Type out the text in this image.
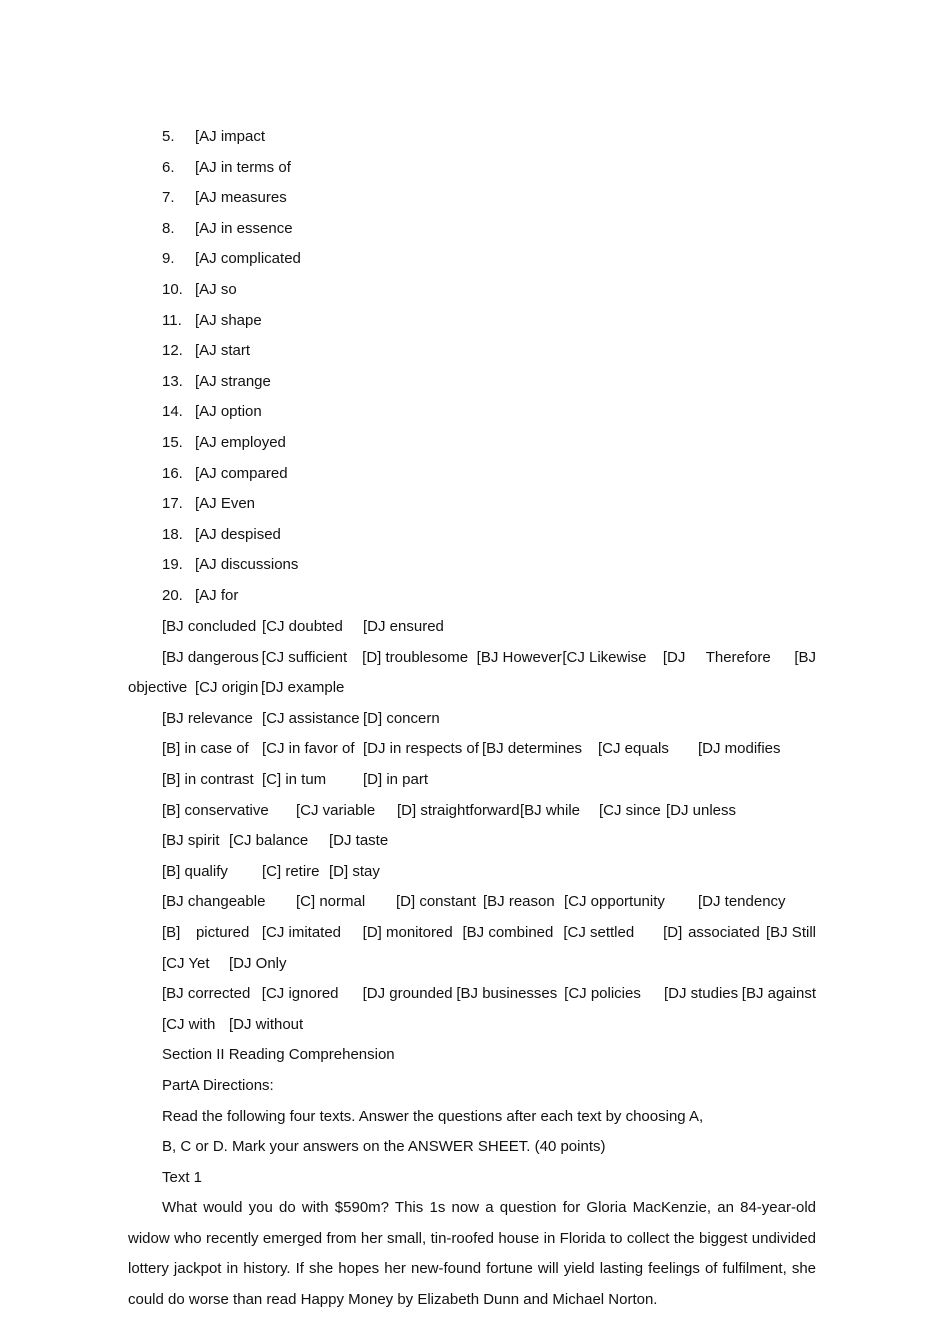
5. [AJ impact
6. [AJ in terms of
7. [AJ measures
8. [AJ in essence
9. [AJ complicated
10. [AJ so
11. [AJ shape
12. [AJ start
13. [AJ strange
14. [AJ option
15. [AJ employed
16. [AJ compared
17. [AJ Even
18. [AJ despised
19. [AJ discussions
20. [AJ for
[BJ concluded [CJ doubted	[DJ ensured
[BJ dangerous [CJ sufficient [D] troublesome [BJ However [CJ Likewise	[DJ	Therefore	[BJ
objective [CJ origin [DJ example
[BJ relevance [CJ assistance [D] concern
[B] in case of [CJ in favor of [DJ in respects of [BJ determines	[CJ equals	[DJ modifies
[B] in contrast [C] in tum	[D] in part
[B] conservative	[CJ variable	[D] straightforward [BJ while	[CJ since [DJ unless
[BJ spirit [CJ balance	[DJ taste
[B] qualify	[C] retire [D] stay
[BJ changeable	[C] normal	[D] constant [BJ reason [CJ opportunity	[DJ tendency
[B]	pictured [CJ imitated	[D] monitored [BJ combined [CJ settled	[D] associated [BJ Still
[CJ Yet	[DJ Only
[BJ corrected [CJ ignored	[DJ grounded [BJ businesses [CJ policies	[DJ studies [BJ against
[CJ with [DJ without

Section II Reading Comprehension

PartA Directions:

Read the following four texts. Answer the questions after each text by choosing A,

B, C or D. Mark your answers on the ANSWER SHEET. (40 points)

Text 1

What would you do with $590m? This 1s now a question for Gloria MacKenzie, an 84-year-old widow who recently emerged from her small, tin-roofed house in Florida to collect the biggest undivided lottery jackpot in history. If she hopes her new-found fortune will yield lasting feelings of fulfilment, she could do worse than read Happy Money by Elizabeth Dunn and Michael Norton.
